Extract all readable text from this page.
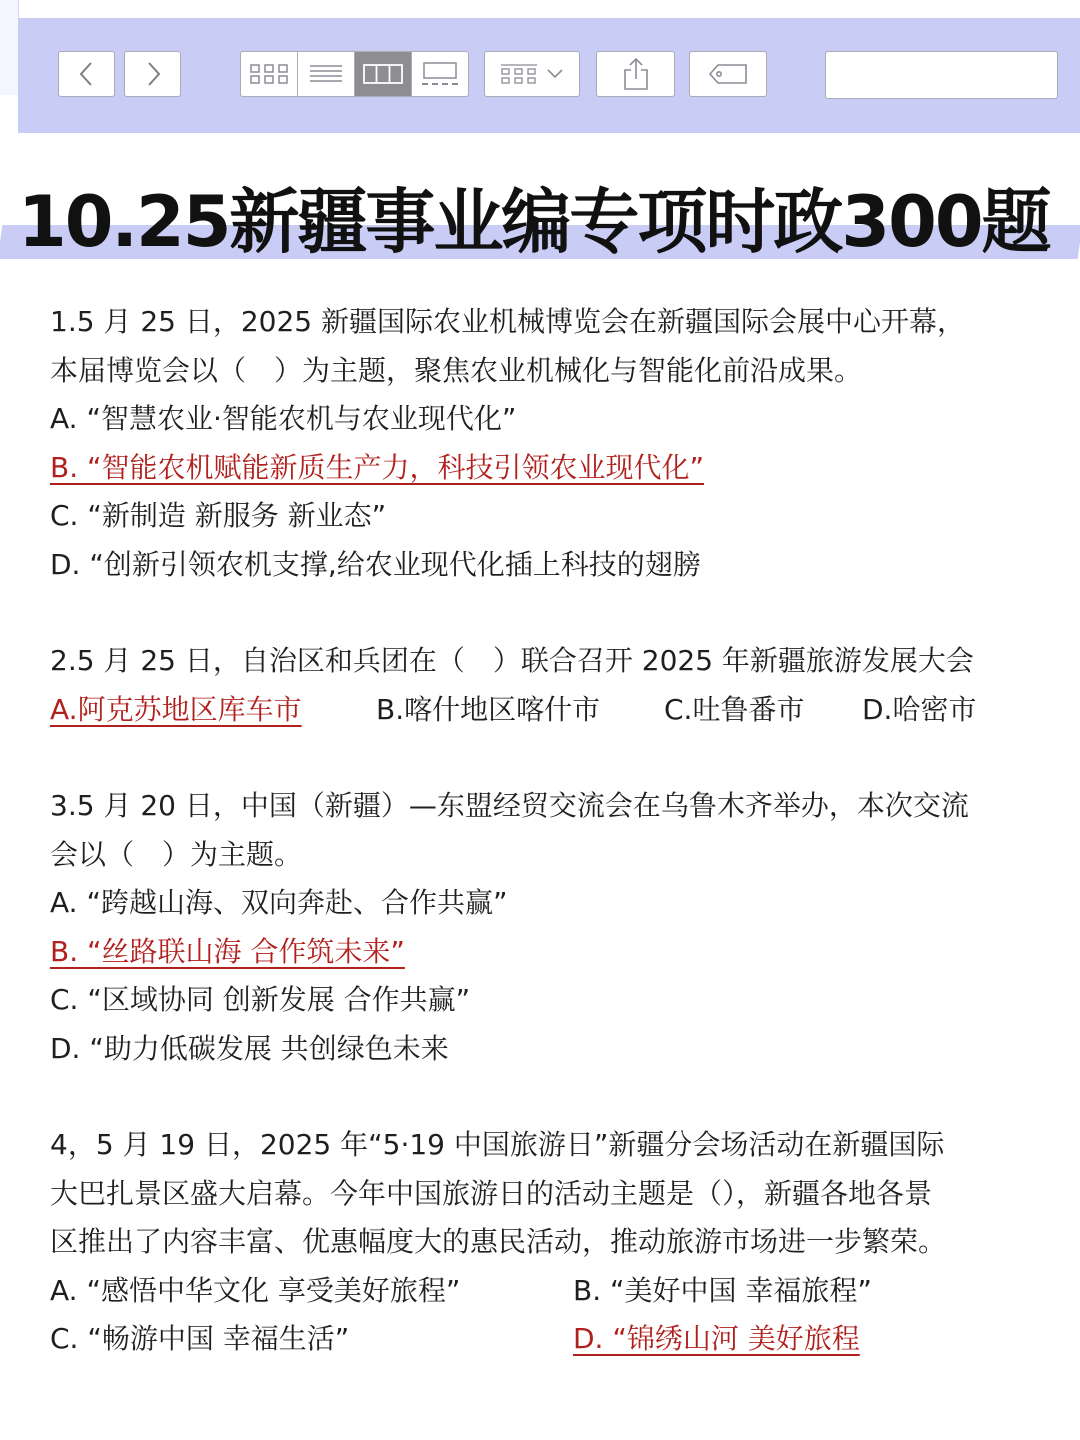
10.25新疆事业编专项时政300题

1.5 月 25 日，2025 新疆国际农业机械博览会在新疆国际会展中心开幕，

本届博览会以（　）为主题，聚焦农业机械化与智能化前沿成果。

A. “智慧农业·智能农机与农业现代化”

B. “智能农机赋能新质生产力，科技引领农业现代化”

C. “新制造 新服务 新业态”

D. “创新引领农机支撑,给农业现代化插上科技的翅膀

2.5 月 25 日，自治区和兵团在（　）联合召开 2025 年新疆旅游发展大会

A.阿克苏地区库车市	B.喀什地区喀什市	C.吐鲁番市	D.哈密市

3.5 月 20 日，中国（新疆）—东盟经贸交流会在乌鲁木齐举办，本次交流

会以（　）为主题。

A. “跨越山海、双向奔赴、合作共赢”

B. “丝路联山海 合作筑未来”

C. “区域协同 创新发展 合作共赢”

D. “助力低碳发展 共创绿色未来

4，5 月 19 日，2025 年“5·19 中国旅游日”新疆分会场活动在新疆国际

大巴扎景区盛大启幕。今年中国旅游日的活动主题是（），新疆各地各景

区推出了内容丰富、优惠幅度大的惠民活动，推动旅游市场进一步繁荣。

A. “感悟中华文化 享受美好旅程”	B. “美好中国 幸福旅程”
C. “畅游中国 幸福生活”	D. “锦绣山河 美好旅程
